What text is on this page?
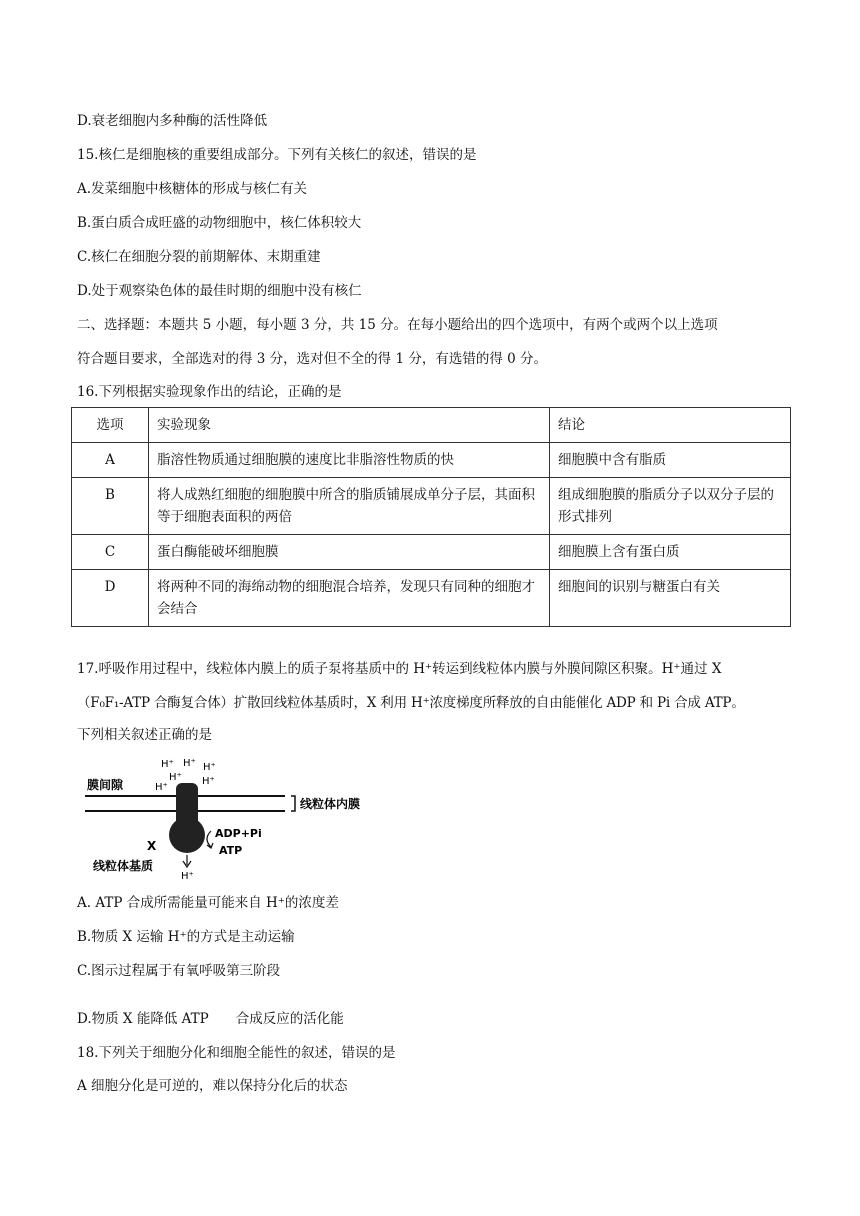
D.衰老细胞内多种酶的活性降低
15.核仁是细胞核的重要组成部分。下列有关核仁的叙述，错误的是
A.发菜细胞中核糖体的形成与核仁有关
B.蛋白质合成旺盛的动物细胞中，核仁体积较大
C.核仁在细胞分裂的前期解体、末期重建
D.处于观察染色体的最佳时期的细胞中没有核仁
二、选择题：本题共 5 小题，每小题 3 分，共 15 分。在每小题给出的四个选项中，有两个或两个以上选项
符合题目要求，全部选对的得 3 分，选对但不全的得 1 分，有选错的得 0 分。
16.下列根据实验现象作出的结论，正确的是
选项	实验现象	结论
A	脂溶性物质通过细胞膜的速度比非脂溶性物质的快	细胞膜中含有脂质
B	将人成熟红细胞的细胞膜中所含的脂质铺展成单分子层，其面积等于细胞表面积的两倍	组成细胞膜的脂质分子以双分子层的形式排列
C	蛋白酶能破坏细胞膜	细胞膜上含有蛋白质
D	将两种不同的海绵动物的细胞混合培养，发现只有同种的细胞才会结合	细胞间的识别与糖蛋白有关
17.呼吸作用过程中，线粒体内膜上的质子泵将基质中的 H⁺转运到线粒体内膜与外膜间隙区积聚。H⁺通过 X
（F₀F₁-ATP 合酶复合体）扩散回线粒体基质时，X 利用 H⁺浓度梯度所释放的自由能催化 ADP 和 Pi 合成 ATP。
下列相关叙述正确的是
H⁺ H⁺ H⁺
H⁺
H⁺
H⁺
H⁺
膜间隙
线粒体内膜
X
ADP+Pi
ATP
线粒体基质
A. ATP 合成所需能量可能来自 H⁺的浓度差
B.物质 X 运输 H⁺的方式是主动运输
C.图示过程属于有氧呼吸第三阶段
D.物质 X 能降低 ATP　　合成反应的活化能
18.下列关于细胞分化和细胞全能性的叙述，错误的是
A 细胞分化是可逆的，难以保持分化后的状态
